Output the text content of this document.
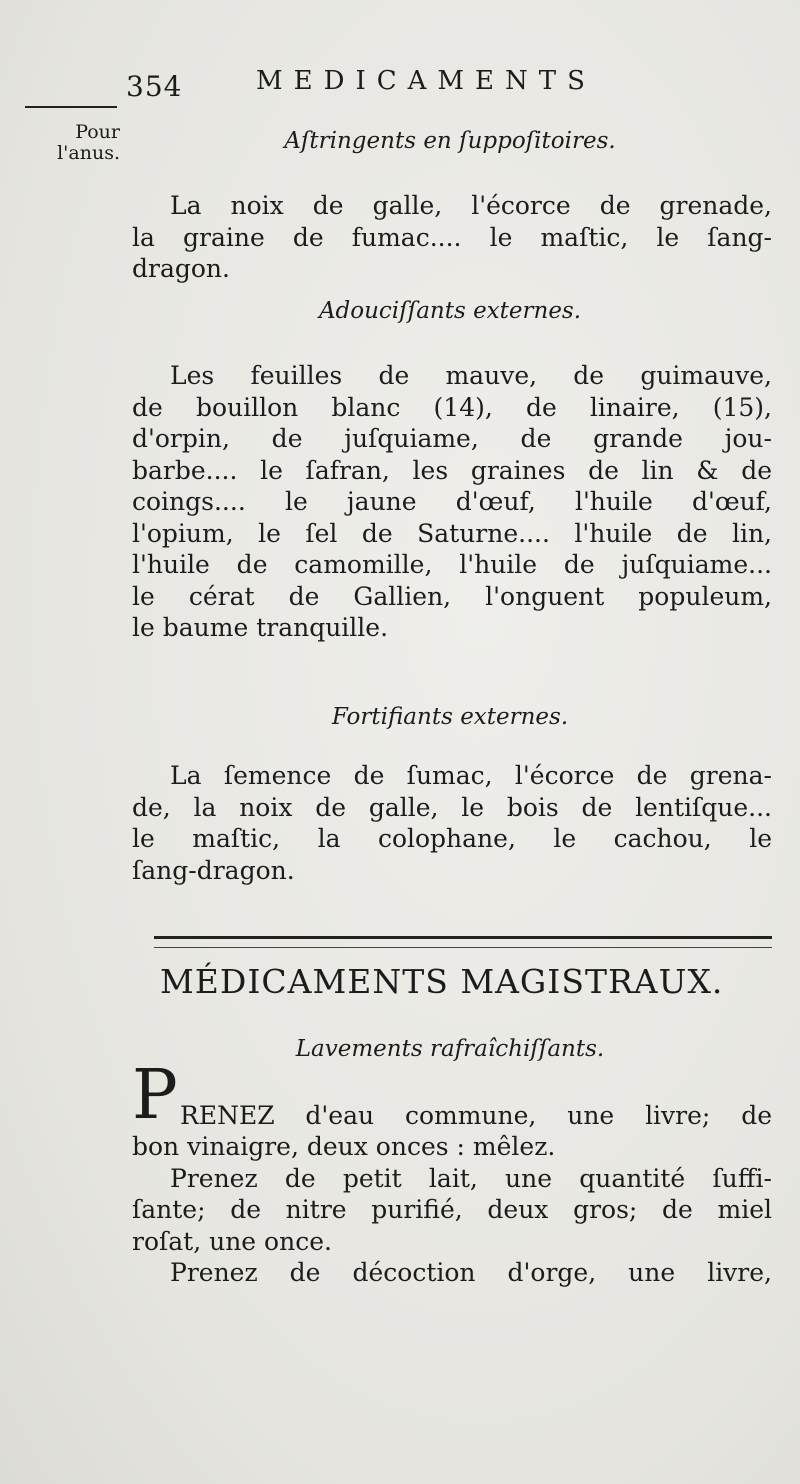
354	MEDICAMENTS
Pour
l'anus.	Aſtringents en ſuppoſitoires.
La noix de galle, l'écorce de grenade,
la graine de fumac.... le maſtic, le ſang-
dragon.
Adouciſſants externes.
Les feuilles de mauve, de guimauve,
de bouillon blanc (14), de linaire, (15),
d'orpin, de juſquiame, de grande jou-
barbe.... le ſafran, les graines de lin & de
coings.... le jaune d'œuf, l'huile d'œuf,
l'opium, le ſel de Saturne.... l'huile de lin,
l'huile de camomille, l'huile de juſquiame...
le cérat de Gallien, l'onguent populeum,
le baume tranquille.
Fortifiants externes.
La ſemence de ſumac, l'écorce de grena-
de, la noix de galle, le bois de lentiſque...
le maſtic, la colophane, le cachou, le
ſang-dragon.
MÉDICAMENTS MAGISTRAUX.
Lavements rafraîchiſſants.
P RENEZ d'eau commune, une livre; de
bon vinaigre, deux onces : mêlez.
Prenez de petit lait, une quantité ſuffi-
ſante; de nitre purifié, deux gros; de miel
roſat, une once.
Prenez de décoction d'orge, une livre,
